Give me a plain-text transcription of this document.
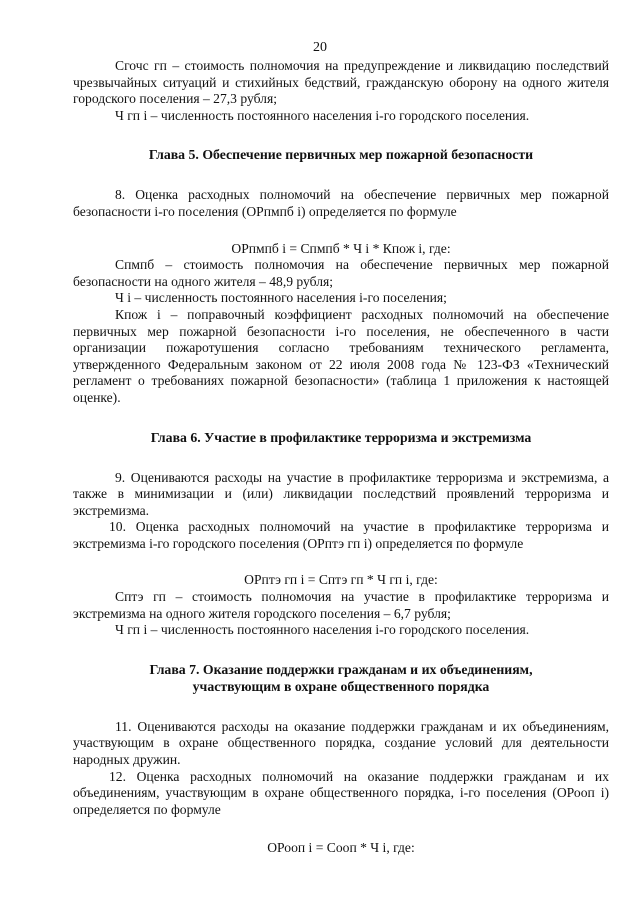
20

Сгочс гп – стоимость полномочия на предупреждение и ликвидацию последствий чрезвычайных ситуаций и стихийных бедствий, гражданскую оборону на одного жителя городского поселения – 27,3 рубля;

Ч гп i – численность постоянного населения i-го городского поселения.

Глава 5. Обеспечение первичных мер пожарной безопасности

8. Оценка расходных полномочий на обеспечение первичных мер пожарной безопасности i-го поселения (ОРпмпб i) определяется по формуле

ОРпмпб i = Спмпб * Ч i * Кпож i, где:

Спмпб – стоимость полномочия на обеспечение первичных мер пожарной безопасности на одного жителя – 48,9 рубля;

Ч i – численность постоянного населения i-го поселения;

Кпож i – поправочный коэффициент расходных полномочий на обеспечение первичных мер пожарной безопасности i-го поселения, не обеспеченного в части организации пожаротушения согласно требованиям технического регламента, утвержденного Федеральным законом от 22 июля 2008 года № 123-ФЗ «Технический регламент о требованиях пожарной безопасности» (таблица 1 приложения к настоящей оценке).

Глава 6. Участие в профилактике терроризма и экстремизма

9. Оцениваются расходы на участие в профилактике терроризма и экстремизма, а также в минимизации и (или) ликвидации последствий проявлений терроризма и экстремизма.

10. Оценка расходных полномочий на участие в профилактике терроризма и экстремизма i-го городского поселения (ОРптэ гп i) определяется по формуле

ОРптэ гп i = Сптэ гп * Ч гп i, где:

Сптэ гп – стоимость полномочия на участие в профилактике терроризма и экстремизма на одного жителя городского поселения – 6,7 рубля;

Ч гп i – численность постоянного населения i-го городского поселения.

Глава 7. Оказание поддержки гражданам и их объединениям,

участвующим в охране общественного порядка

11. Оцениваются расходы на оказание поддержки гражданам и их объединениям, участвующим в охране общественного порядка, создание условий для деятельности народных дружин.

12. Оценка расходных полномочий на оказание поддержки гражданам и их объединениям, участвующим в охране общественного порядка, i-го поселения (ОРооп i) определяется по формуле

ОРооп i = Сооп * Ч i, где:
